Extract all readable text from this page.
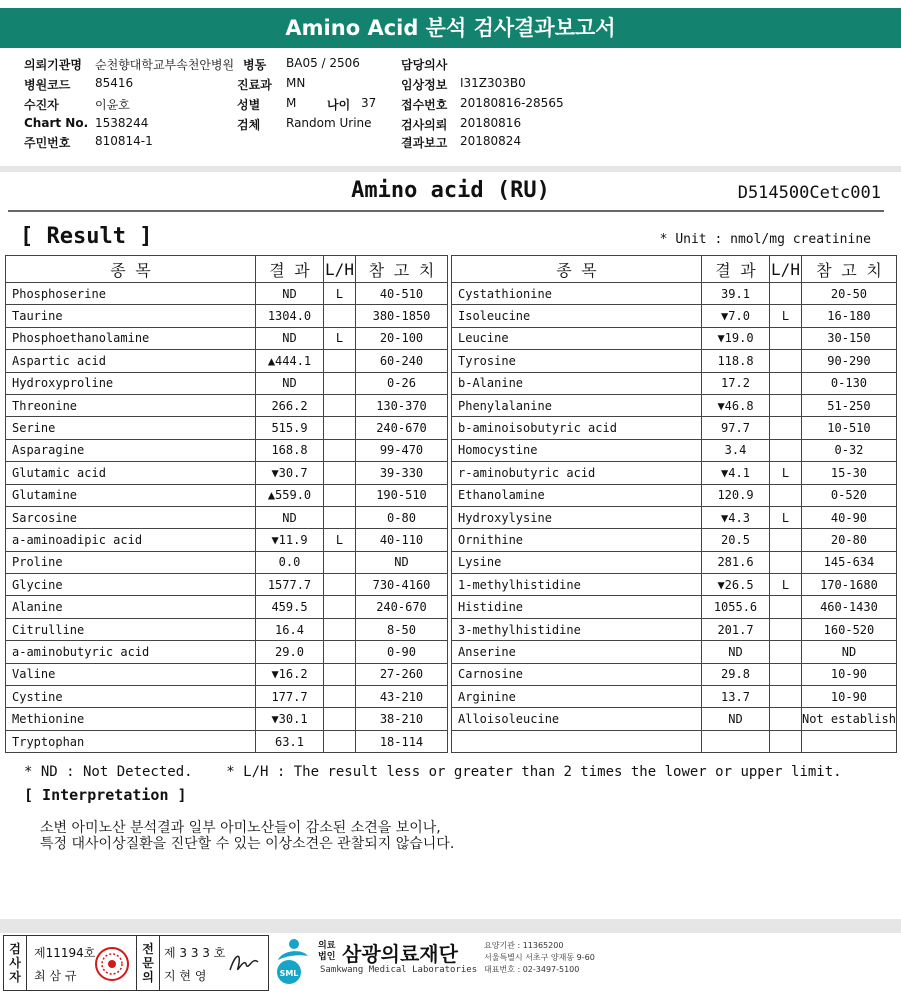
Amino Acid 분석 검사결과보고서
의뢰기관명 순천향대학교부속천안병원 병동 BA05 / 2506	담당의사
병원코드 85416	진료과 MN	임상정보 I31Z303B0
수진자	이윤호	성별 M	나이 37 접수번호 20180816-28565
Chart No. 1538244	검체 Random Urine 검사의뢰 20180816
주민번호 810814-1	결과보고 20180824
Amino acid (RU)	D514500Cetc001
[ Result ]	* Unit : nmol/mg creatinine
종 목	결 과	L/H	참 고 치		종 목	결 과	L/H	참 고 치
Phosphoserine	ND	L	40-510		Cystathionine	39.1		20-50
Taurine	1304.0		380-1850		Isoleucine	▼7.0	L	16-180
Phosphoethanolamine	ND	L	20-100		Leucine	▼19.0		30-150
Aspartic acid	▲444.1		60-240		Tyrosine	118.8		90-290
Hydroxyproline	ND		0-26		b-Alanine	17.2		0-130
Threonine	266.2		130-370		Phenylalanine	▼46.8		51-250
Serine	515.9		240-670		b-aminoisobutyric acid	97.7		10-510
Asparagine	168.8		99-470		Homocystine	3.4		0-32
Glutamic acid	▼30.7		39-330		r-aminobutyric acid	▼4.1	L	15-30
Glutamine	▲559.0		190-510		Ethanolamine	120.9		0-520
Sarcosine	ND		0-80		Hydroxylysine	▼4.3	L	40-90
a-aminoadipic acid	▼11.9	L	40-110		Ornithine	20.5		20-80
Proline	0.0		ND		Lysine	281.6		145-634
Glycine	1577.7		730-4160		1-methylhistidine	▼26.5	L	170-1680
Alanine	459.5		240-670		Histidine	1055.6		460-1430
Citrulline	16.4		8-50		3-methylhistidine	201.7		160-520
a-aminobutyric acid	29.0		0-90		Anserine	ND		ND
Valine	▼16.2		27-260		Carnosine	29.8		10-90
Cystine	177.7		43-210		Arginine	13.7		10-90
Methionine	▼30.1		38-210		Alloisoleucine	ND		Not establish
Tryptophan	63.1		18-114					
* ND : Not Detected. * L/H : The result less or greater than 2 times the lower or upper limit.
[ Interpretation ]
소변 아미노산 분석결과 일부 아미노산들이 감소된 소견을 보이나,
특정 대사이상질환을 진단할 수 있는 이상소견은 관찰되지 않습니다.
검사자
제11194호
최 삼 규
전문의
제 3 3 3 호
지 현 영	SML
의료
법인 삼광의료재단
Samkwang Medical Laboratories
요양기관 : 11365200
서울특별시 서초구 양재동 9-60
대표번호 : 02-3497-5100
